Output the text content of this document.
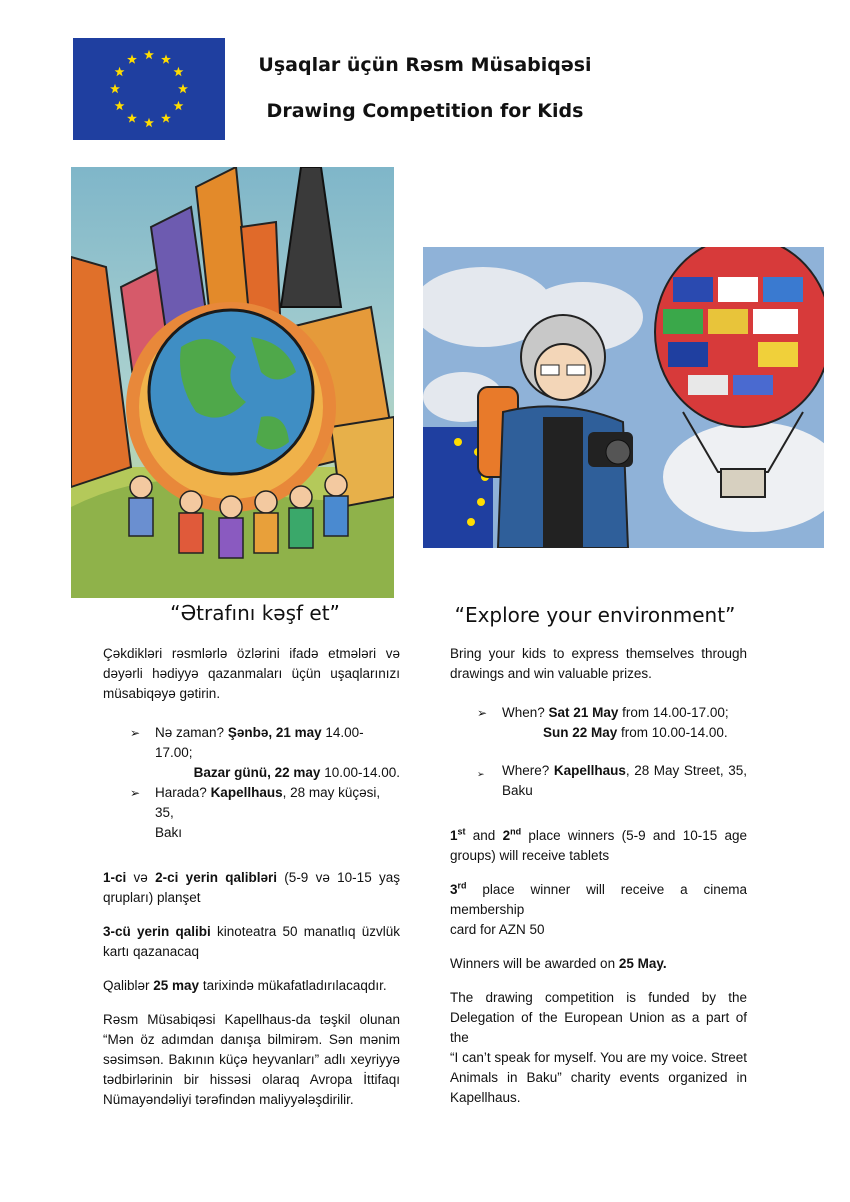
Uşaqlar üçün Rəsm Müsabiqəsi
Drawing Competition for Kids
“Ətrafını kəşf et”	“Explore your environment”

Çəkdikləri rəsmlərlə özlərini ifadə etmələri və dəyərli hədiyyə qazanmaları üçün uşaqlarınızı müsabiqəyə gətirin.

➢ Nə zaman? Şənbə, 21 may 14.00-17.00;
Bazar günü, 22 may 10.00-14.00.
➢ Harada? Kapellhaus, 28 may küçəsi, 35,
Bakı

1-ci və 2-ci yerin qalibləri (5-9 və 10-15 yaş

qrupları) planşet

3-cü yerin qalibi kinoteatra 50 manatlıq üzvlük

kartı qazanacaq

Qaliblər 25 may tarixində mükafatladırılacaqdır.

Rəsm Müsabiqəsi Kapellhaus-da təşkil olunan

“Mən öz adımdan danışa bilmirəm. Sən mənim

səsimsən. Bakının küçə heyvanları” adlı xeyriyyə

tədbirlərinin bir hissəsi olaraq Avropa İttifaqı

Nümayəndəliyi tərəfindən maliyyələşdirilir.

Bring your kids to express themselves through

drawings and win valuable prizes.

➢ When? Sat 21 May from 14.00-17.00;
Sun 22 May from 10.00-14.00.
➢ Where? Kapellhaus, 28 May Street, 35,
Baku

1st and 2nd place winners (5-9 and 10-15 age

groups) will receive tablets

3rd place winner will receive a cinema membership

card for AZN 50

Winners will be awarded on 25 May.

The drawing competition is funded by the

Delegation of the European Union as a part of the

“I can’t speak for myself. You are my voice. Street

Animals in Baku” charity events organized in

Kapellhaus.
